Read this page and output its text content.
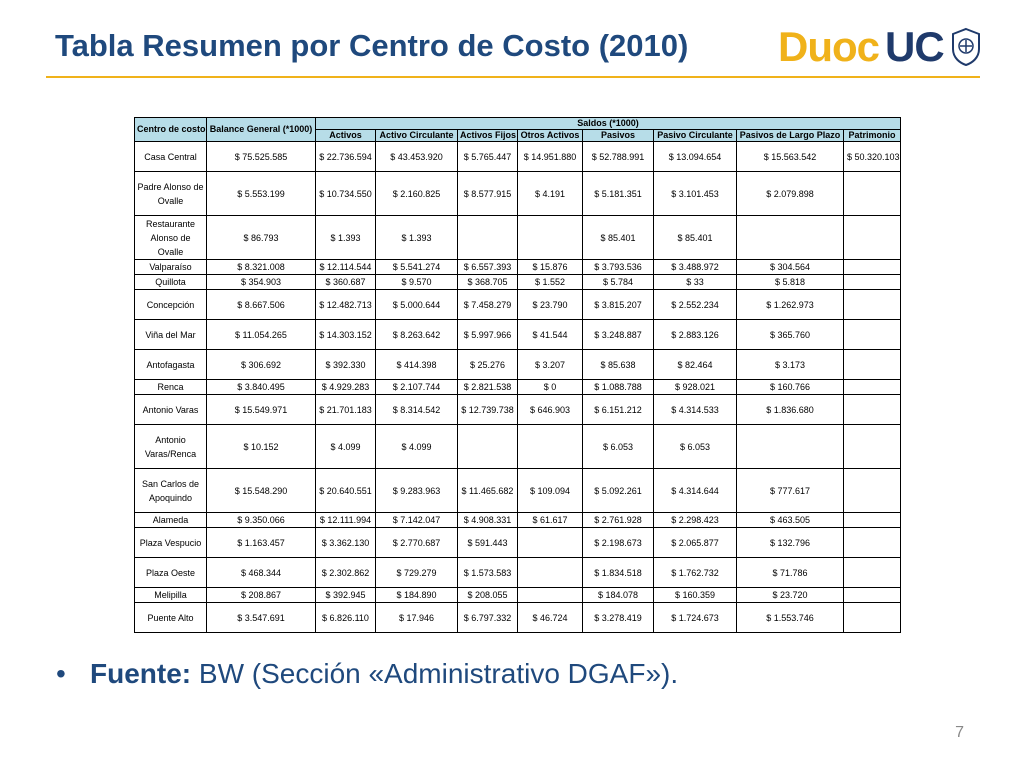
Tabla Resumen por Centro de Costo (2010) Duoc UC
Centro de costo	Balance General (*1000)	Saldos (*1000)							
		Activos	Activo Circulante	Activos Fijos	Otros Activos	Pasivos	Pasivo Circulante	Pasivos de Largo Plazo	Patrimonio
Casa Central	$ 75.525.585	$ 22.736.594	$ 43.453.920	$ 5.765.447	$ 14.951.880	$ 52.788.991	$ 13.094.654	$ 15.563.542	$ 50.320.103
Padre Alonso de Ovalle	$ 5.553.199	$ 10.734.550	$ 2.160.825	$ 8.577.915	$ 4.191	$ 5.181.351	$ 3.101.453	$ 2.079.898	
Restaurante Alonso de Ovalle	$ 86.793	$ 1.393	$ 1.393			$ 85.401	$ 85.401		
Valparaíso	$ 8.321.008	$ 12.114.544	$ 5.541.274	$ 6.557.393	$ 15.876	$ 3.793.536	$ 3.488.972	$ 304.564	
Quillota	$ 354.903	$ 360.687	$ 9.570	$ 368.705	$ 1.552	$ 5.784	$ 33	$ 5.818	
Concepción	$ 8.667.506	$ 12.482.713	$ 5.000.644	$ 7.458.279	$ 23.790	$ 3.815.207	$ 2.552.234	$ 1.262.973	
Viña del Mar	$ 11.054.265	$ 14.303.152	$ 8.263.642	$ 5.997.966	$ 41.544	$ 3.248.887	$ 2.883.126	$ 365.760	
Antofagasta	$ 306.692	$ 392.330	$ 414.398	$ 25.276	$ 3.207	$ 85.638	$ 82.464	$ 3.173	
Renca	$ 3.840.495	$ 4.929.283	$ 2.107.744	$ 2.821.538	$ 0	$ 1.088.788	$ 928.021	$ 160.766	
Antonio Varas	$ 15.549.971	$ 21.701.183	$ 8.314.542	$ 12.739.738	$ 646.903	$ 6.151.212	$ 4.314.533	$ 1.836.680	
Antonio Varas/Renca	$ 10.152	$ 4.099	$ 4.099			$ 6.053	$ 6.053		
San Carlos de Apoquindo	$ 15.548.290	$ 20.640.551	$ 9.283.963	$ 11.465.682	$ 109.094	$ 5.092.261	$ 4.314.644	$ 777.617	
Alameda	$ 9.350.066	$ 12.111.994	$ 7.142.047	$ 4.908.331	$ 61.617	$ 2.761.928	$ 2.298.423	$ 463.505	
Plaza Vespucio	$ 1.163.457	$ 3.362.130	$ 2.770.687	$ 591.443		$ 2.198.673	$ 2.065.877	$ 132.796	
Plaza Oeste	$ 468.344	$ 2.302.862	$ 729.279	$ 1.573.583		$ 1.834.518	$ 1.762.732	$ 71.786	
Melipilla	$ 208.867	$ 392.945	$ 184.890	$ 208.055		$ 184.078	$ 160.359	$ 23.720	
Puente Alto	$ 3.547.691	$ 6.826.110	$ 17.946	$ 6.797.332	$ 46.724	$ 3.278.419	$ 1.724.673	$ 1.553.746	
• Fuente: BW (Sección «Administrativo DGAF»).
7
